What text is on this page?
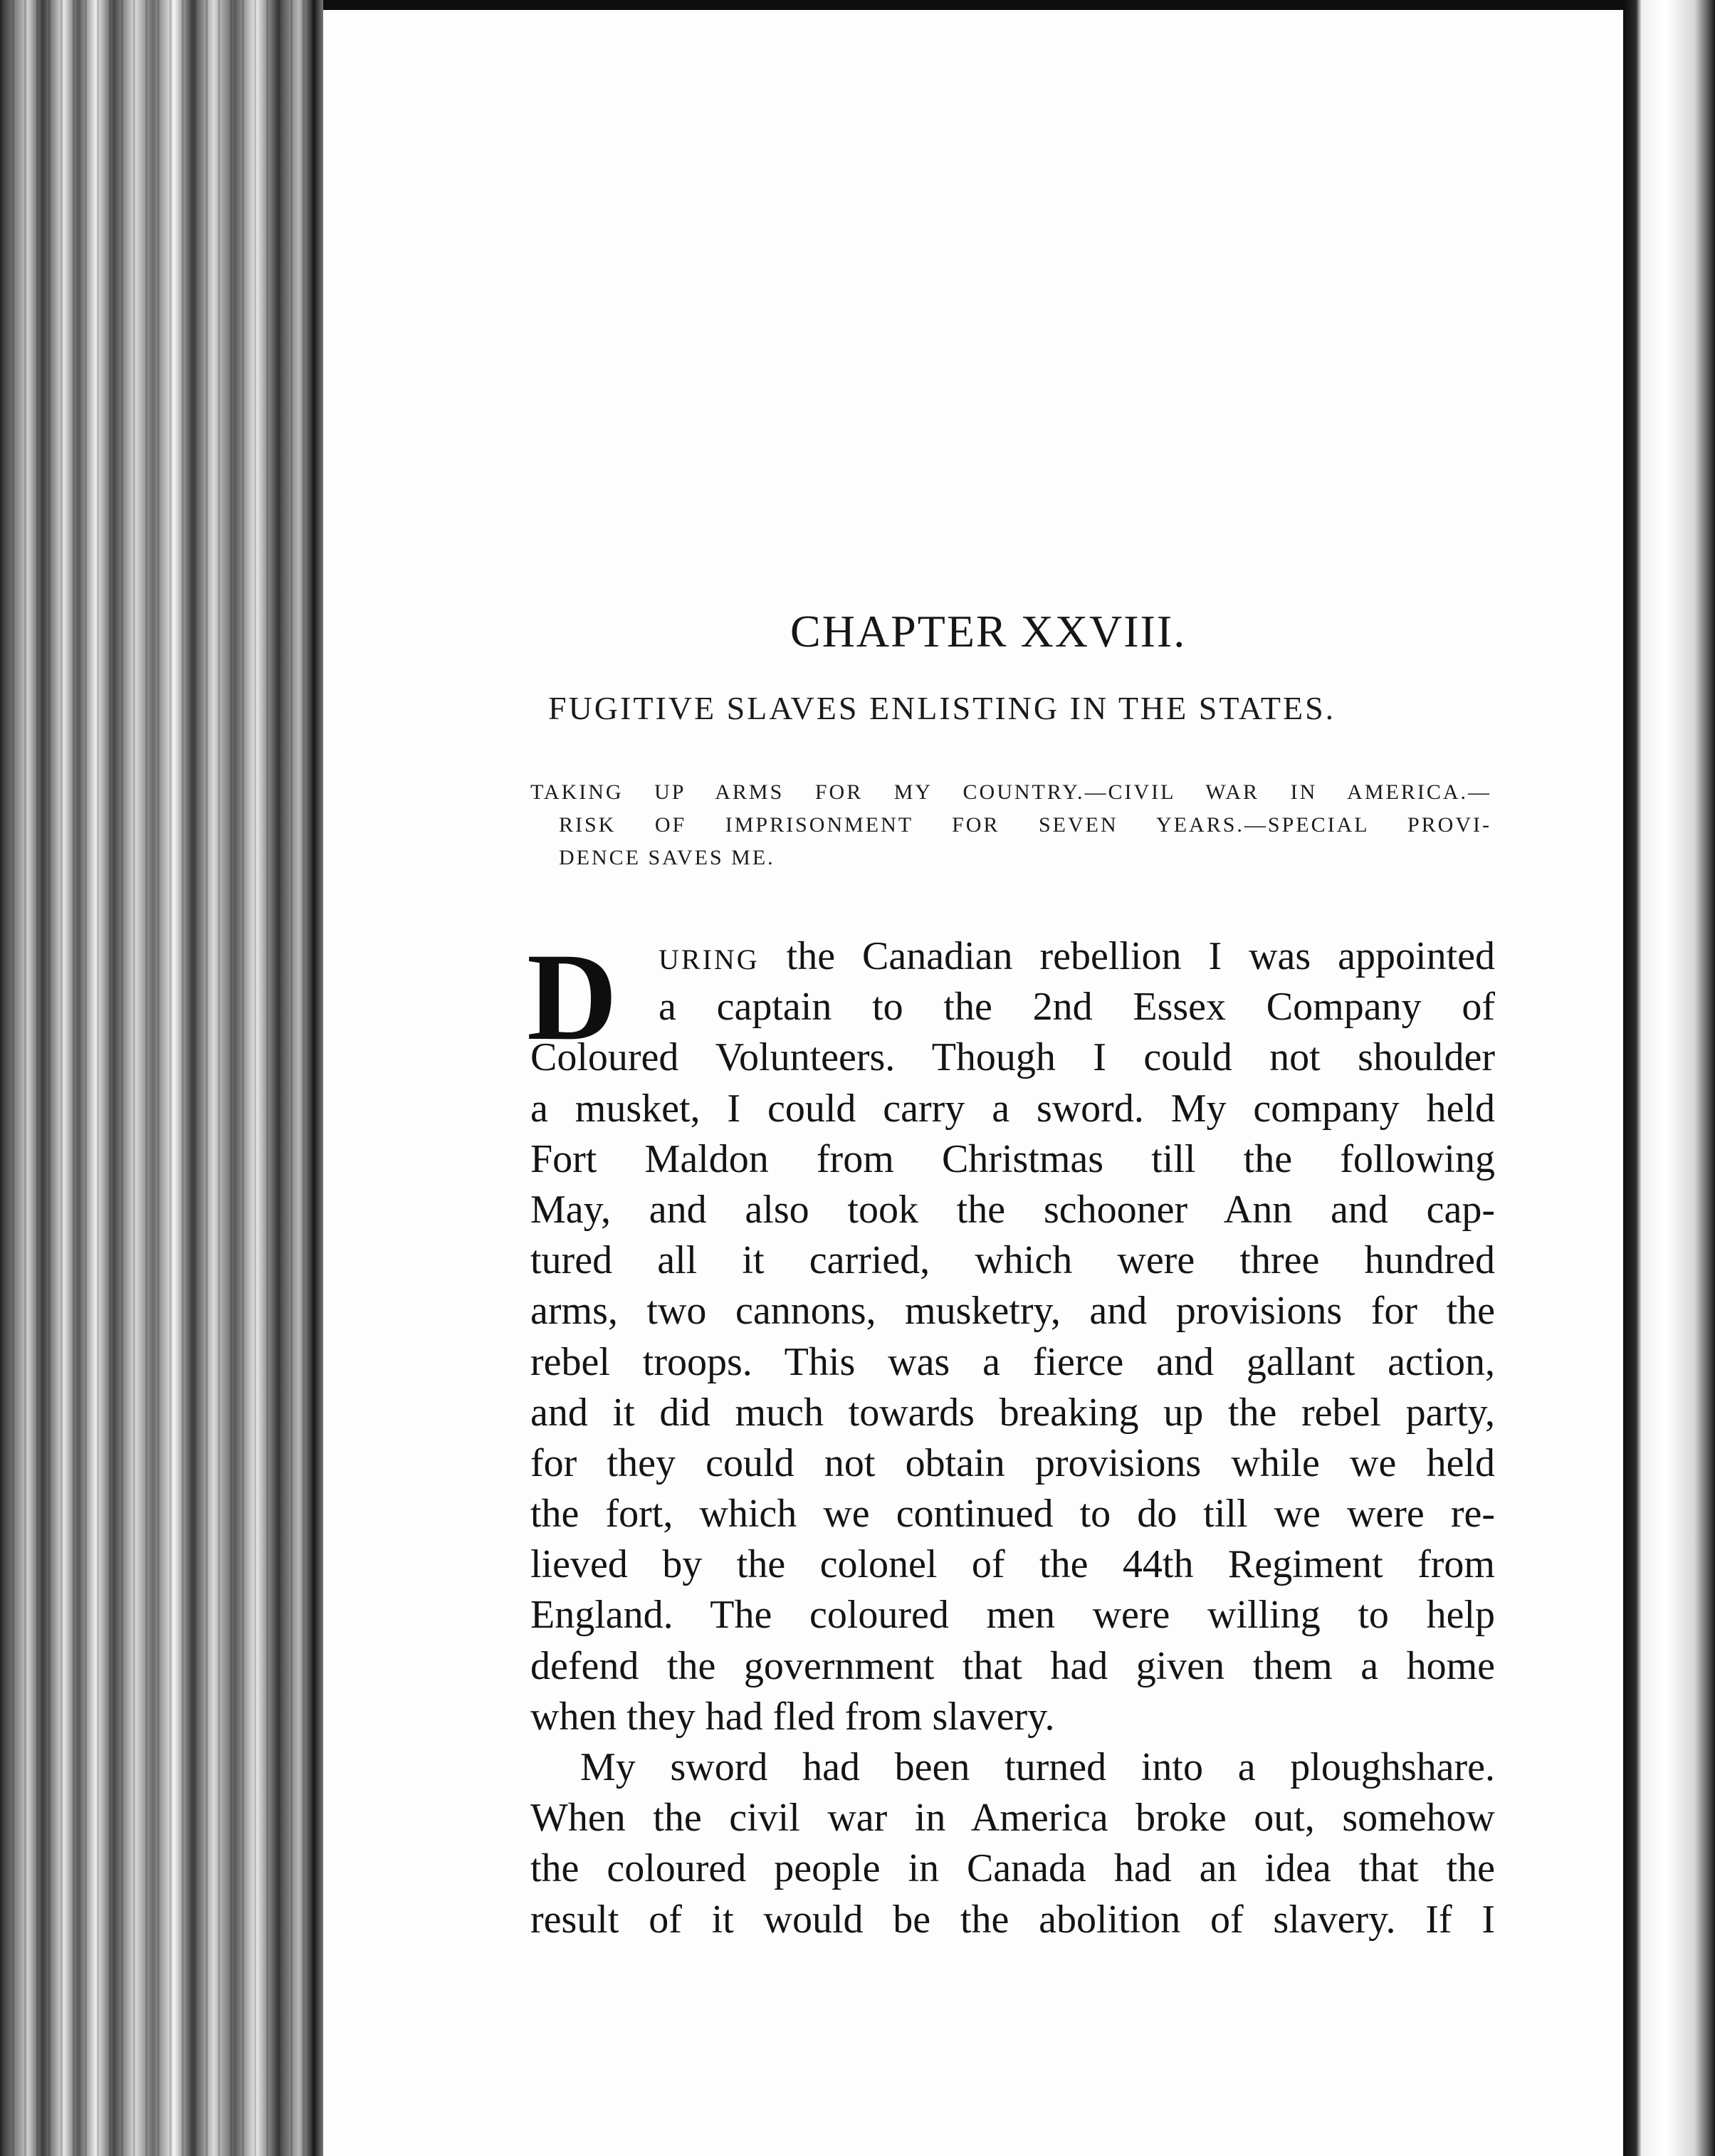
CHAPTER XXVIII.
FUGITIVE SLAVES ENLISTING IN THE STATES.
TAKING UP ARMS FOR MY COUNTRY.—CIVIL WAR IN AMERICA.—
RISK OF IMPRISONMENT FOR SEVEN YEARS.—SPECIAL PROVI-
DENCE SAVES ME.
D	URING the Canadian rebellion I was appointed
a captain to the 2nd Essex Company of
Coloured Volunteers. Though I could not shoulder
a musket, I could carry a sword. My company held
Fort Maldon from Christmas till the following
May, and also took the schooner Ann and cap-
tured all it carried, which were three hundred
arms, two cannons, musketry, and provisions for the
rebel troops. This was a fierce and gallant action,
and it did much towards breaking up the rebel party,
for they could not obtain provisions while we held
the fort, which we continued to do till we were re-
lieved by the colonel of the 44th Regiment from
England. The coloured men were willing to help
defend the government that had given them a home
when they had fled from slavery.
My sword had been turned into a ploughshare.
When the civil war in America broke out, somehow
the coloured people in Canada had an idea that the
result of it would be the abolition of slavery. If I
